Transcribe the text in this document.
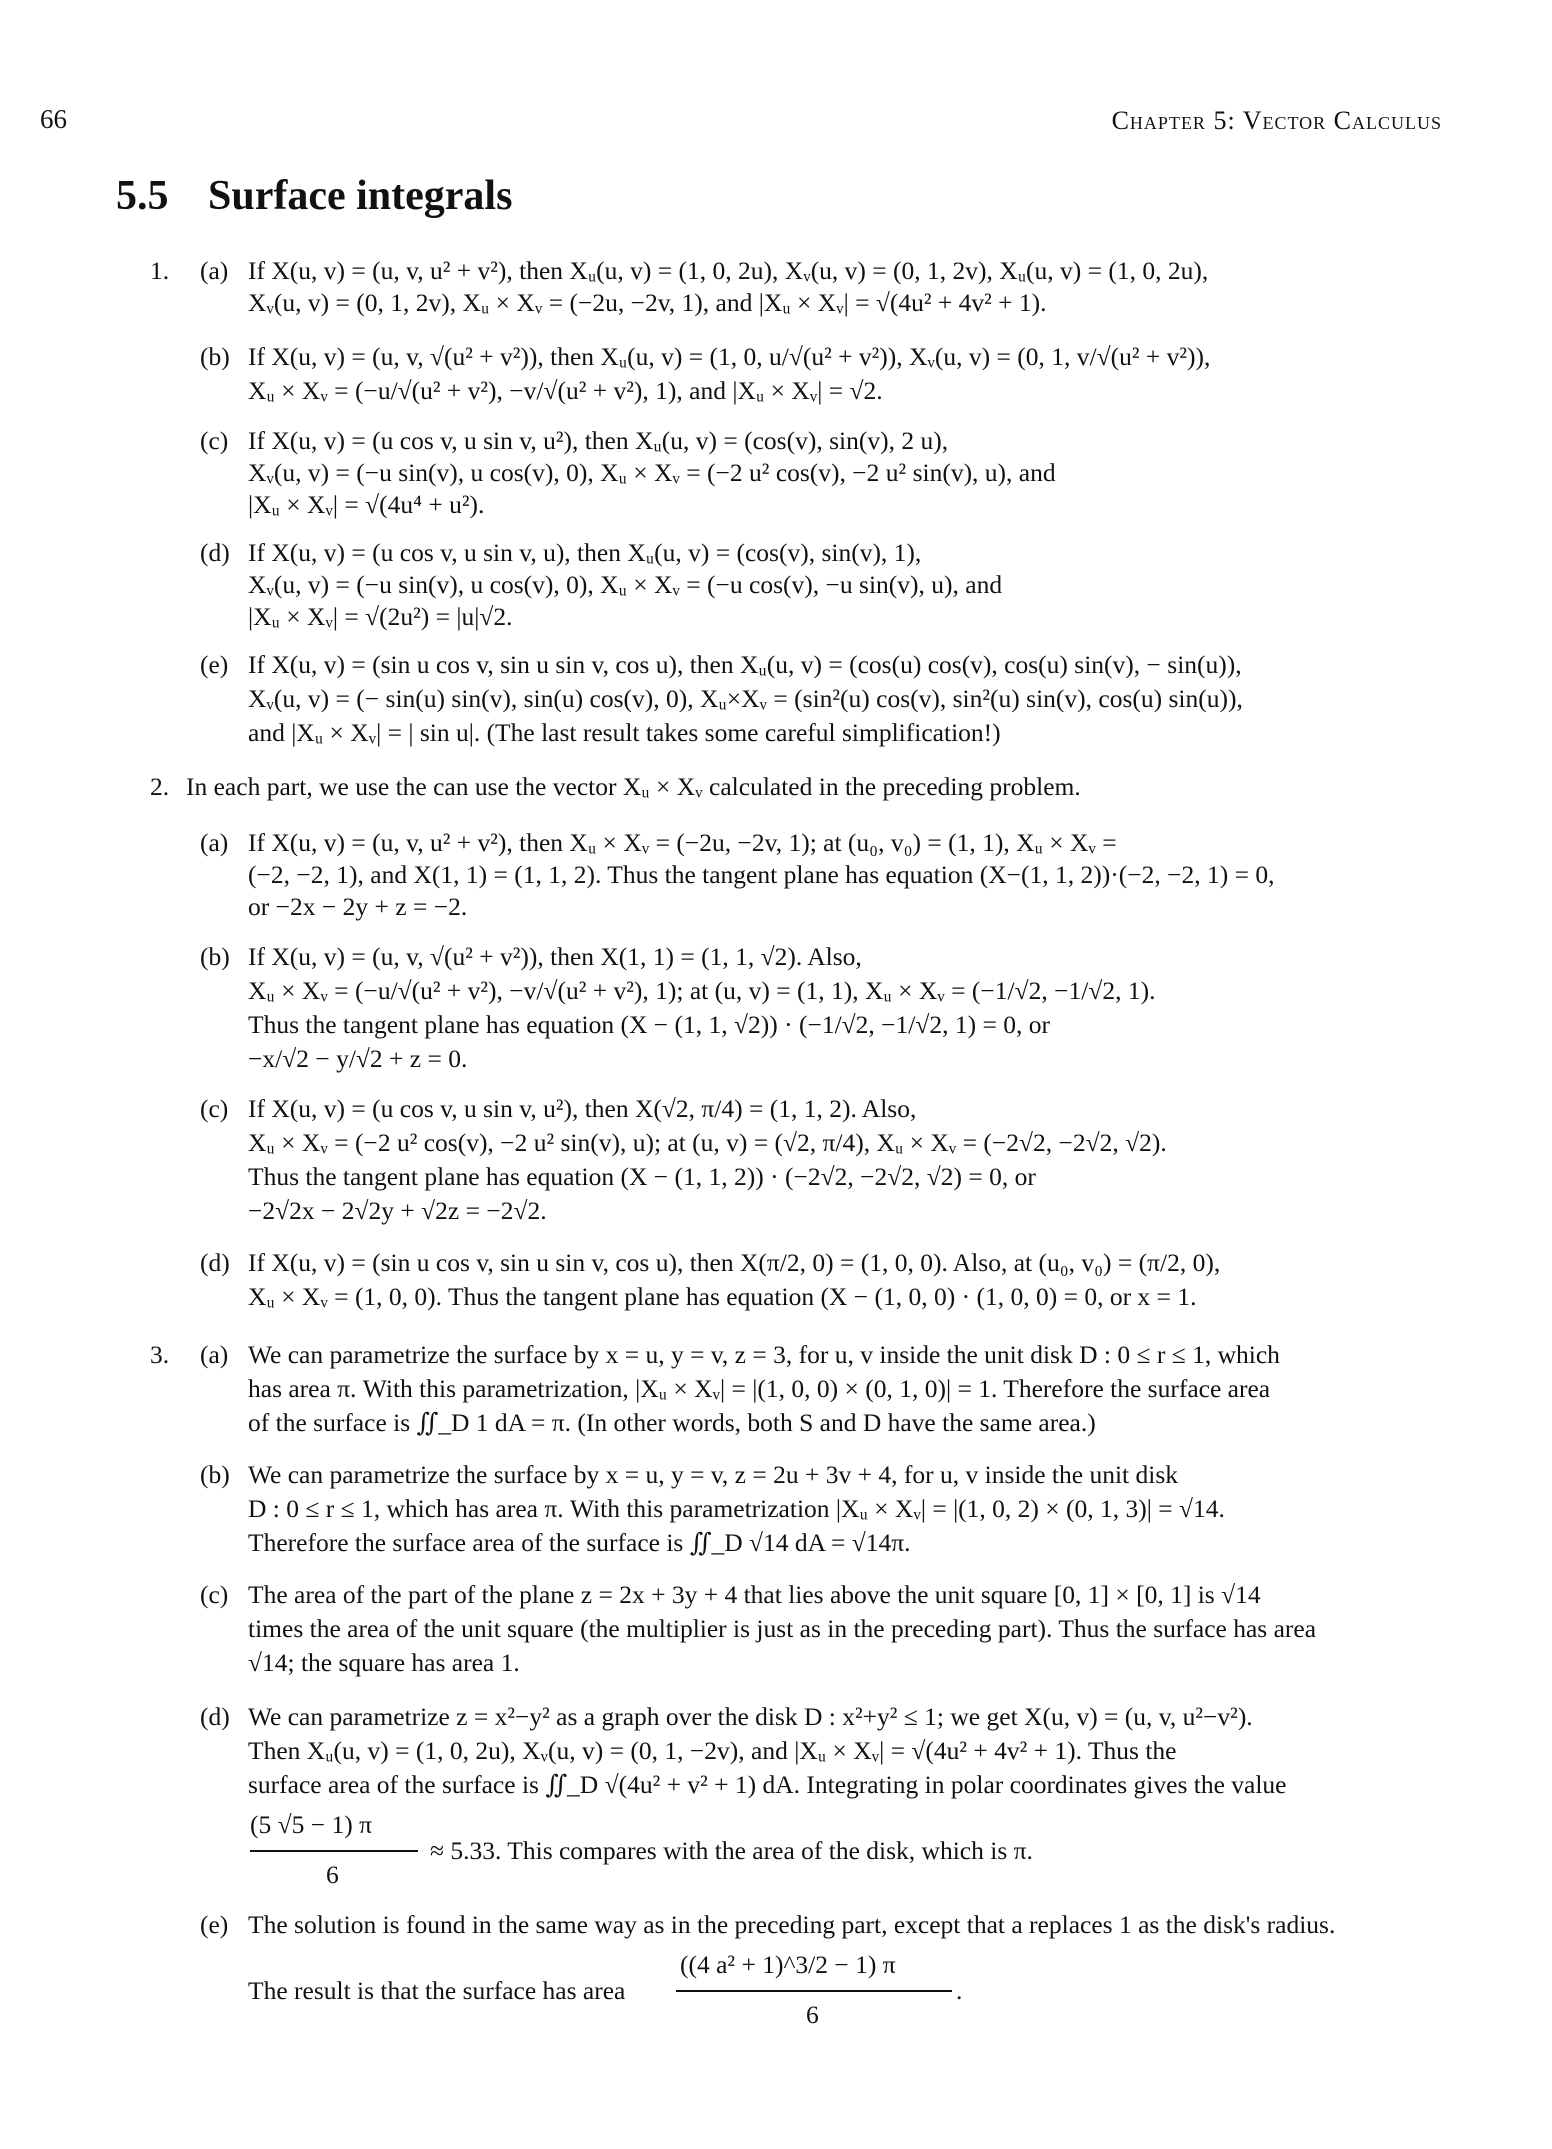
66	Chapter 5: Vector Calculus
5.5 Surface integrals
1. (a) If X(u, v) = (u, v, u² + v²), then Xᵤ(u, v) = (1, 0, 2u), Xᵥ(u, v) = (0, 1, 2v), Xᵤ(u, v) = (1, 0, 2u),
Xᵥ(u, v) = (0, 1, 2v), Xᵤ × Xᵥ = (−2u, −2v, 1), and |Xᵤ × Xᵥ| = √(4u² + 4v² + 1).
(b) If X(u, v) = (u, v, √(u² + v²)), then Xᵤ(u, v) = (1, 0, u/√(u² + v²)), Xᵥ(u, v) = (0, 1, v/√(u² + v²)),
Xᵤ × Xᵥ = (−u/√(u² + v²), −v/√(u² + v²), 1), and |Xᵤ × Xᵥ| = √2.
(c) If X(u, v) = (u cos v, u sin v, u²), then Xᵤ(u, v) = (cos(v), sin(v), 2 u),
Xᵥ(u, v) = (−u sin(v), u cos(v), 0), Xᵤ × Xᵥ = (−2 u² cos(v), −2 u² sin(v), u), and
|Xᵤ × Xᵥ| = √(4u⁴ + u²).
(d) If X(u, v) = (u cos v, u sin v, u), then Xᵤ(u, v) = (cos(v), sin(v), 1),
Xᵥ(u, v) = (−u sin(v), u cos(v), 0), Xᵤ × Xᵥ = (−u cos(v), −u sin(v), u), and
|Xᵤ × Xᵥ| = √(2u²) = |u|√2.
(e) If X(u, v) = (sin u cos v, sin u sin v, cos u), then Xᵤ(u, v) = (cos(u) cos(v), cos(u) sin(v), − sin(u)),
Xᵥ(u, v) = (− sin(u) sin(v), sin(u) cos(v), 0), Xᵤ×Xᵥ = (sin²(u) cos(v), sin²(u) sin(v), cos(u) sin(u)),
and |Xᵤ × Xᵥ| = | sin u|. (The last result takes some careful simplification!)
2. In each part, we use the can use the vector Xᵤ × Xᵥ calculated in the preceding problem.
(a) If X(u, v) = (u, v, u² + v²), then Xᵤ × Xᵥ = (−2u, −2v, 1); at (u₀, v₀) = (1, 1), Xᵤ × Xᵥ =
(−2, −2, 1), and X(1, 1) = (1, 1, 2). Thus the tangent plane has equation (X−(1, 1, 2))·(−2, −2, 1) = 0,
or −2x − 2y + z = −2.
(b) If X(u, v) = (u, v, √(u² + v²)), then X(1, 1) = (1, 1, √2). Also,
Xᵤ × Xᵥ = (−u/√(u² + v²), −v/√(u² + v²), 1); at (u, v) = (1, 1), Xᵤ × Xᵥ = (−1/√2, −1/√2, 1).
Thus the tangent plane has equation (X − (1, 1, √2)) · (−1/√2, −1/√2, 1) = 0, or
−x/√2 − y/√2 + z = 0.
(c) If X(u, v) = (u cos v, u sin v, u²), then X(√2, π/4) = (1, 1, 2). Also,
Xᵤ × Xᵥ = (−2 u² cos(v), −2 u² sin(v), u); at (u, v) = (√2, π/4), Xᵤ × Xᵥ = (−2√2, −2√2, √2).
Thus the tangent plane has equation (X − (1, 1, 2)) · (−2√2, −2√2, √2) = 0, or
−2√2x − 2√2y + √2z = −2√2.
(d) If X(u, v) = (sin u cos v, sin u sin v, cos u), then X(π/2, 0) = (1, 0, 0). Also, at (u₀, v₀) = (π/2, 0),
Xᵤ × Xᵥ = (1, 0, 0). Thus the tangent plane has equation (X − (1, 0, 0) · (1, 0, 0) = 0, or x = 1.
3. (a) We can parametrize the surface by x = u, y = v, z = 3, for u, v inside the unit disk D : 0 ≤ r ≤ 1, which
has area π. With this parametrization, |Xᵤ × Xᵥ| = |(1, 0, 0) × (0, 1, 0)| = 1. Therefore the surface area
of the surface is ∬_D 1 dA = π. (In other words, both S and D have the same area.)
(b) We can parametrize the surface by x = u, y = v, z = 2u + 3v + 4, for u, v inside the unit disk
D : 0 ≤ r ≤ 1, which has area π. With this parametrization |Xᵤ × Xᵥ| = |(1, 0, 2) × (0, 1, 3)| = √14.
Therefore the surface area of the surface is ∬_D √14 dA = √14π.
(c) The area of the part of the plane z = 2x + 3y + 4 that lies above the unit square [0, 1] × [0, 1] is √14
times the area of the unit square (the multiplier is just as in the preceding part). Thus the surface has area
√14; the square has area 1.
(d) We can parametrize z = x²−y² as a graph over the disk D : x²+y² ≤ 1; we get X(u, v) = (u, v, u²−v²).
Then Xᵤ(u, v) = (1, 0, 2u), Xᵥ(u, v) = (0, 1, −2v), and |Xᵤ × Xᵥ| = √(4u² + 4v² + 1). Thus the
surface area of the surface is ∬_D √(4u² + v² + 1) dA. Integrating in polar coordinates gives the value
(5 √5 − 1) π
6
≈ 5.33. This compares with the area of the disk, which is π.
(e) The solution is found in the same way as in the preceding part, except that a replaces 1 as the disk's radius.
((4 a² + 1)^3/2 − 1) π
6
The result is that the surface has area	.
